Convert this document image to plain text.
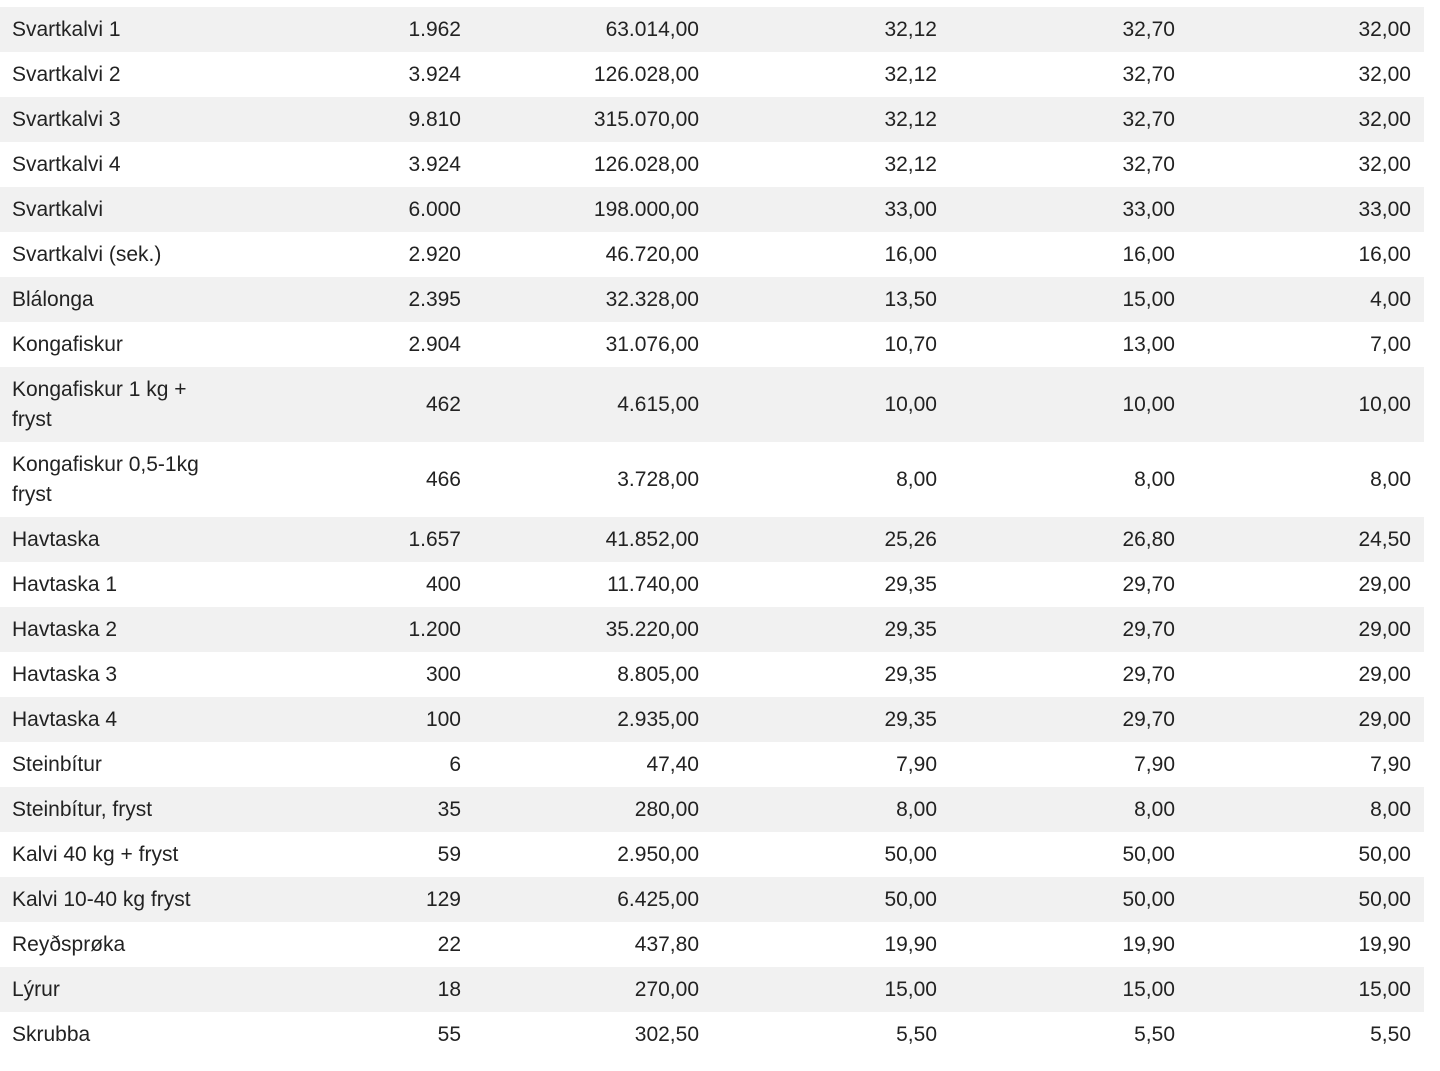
Svartkalvi 1	1.962	63.014,00	32,12	32,70	32,00
Svartkalvi 2	3.924	126.028,00	32,12	32,70	32,00
Svartkalvi 3	9.810	315.070,00	32,12	32,70	32,00
Svartkalvi 4	3.924	126.028,00	32,12	32,70	32,00
Svartkalvi	6.000	198.000,00	33,00	33,00	33,00
Svartkalvi (sek.)	2.920	46.720,00	16,00	16,00	16,00
Blálonga	2.395	32.328,00	13,50	15,00	4,00
Kongafiskur	2.904	31.076,00	10,70	13,00	7,00
Kongafiskur 1 kg + fryst	462	4.615,00	10,00	10,00	10,00
Kongafiskur 0,5-1kg fryst	466	3.728,00	8,00	8,00	8,00
Havtaska	1.657	41.852,00	25,26	26,80	24,50
Havtaska 1	400	11.740,00	29,35	29,70	29,00
Havtaska 2	1.200	35.220,00	29,35	29,70	29,00
Havtaska 3	300	8.805,00	29,35	29,70	29,00
Havtaska 4	100	2.935,00	29,35	29,70	29,00
Steinbítur	6	47,40	7,90	7,90	7,90
Steinbítur, fryst	35	280,00	8,00	8,00	8,00
Kalvi 40 kg + fryst	59	2.950,00	50,00	50,00	50,00
Kalvi 10-40 kg fryst	129	6.425,00	50,00	50,00	50,00
Reyðsprøka	22	437,80	19,90	19,90	19,90
Lýrur	18	270,00	15,00	15,00	15,00
Skrubba	55	302,50	5,50	5,50	5,50
